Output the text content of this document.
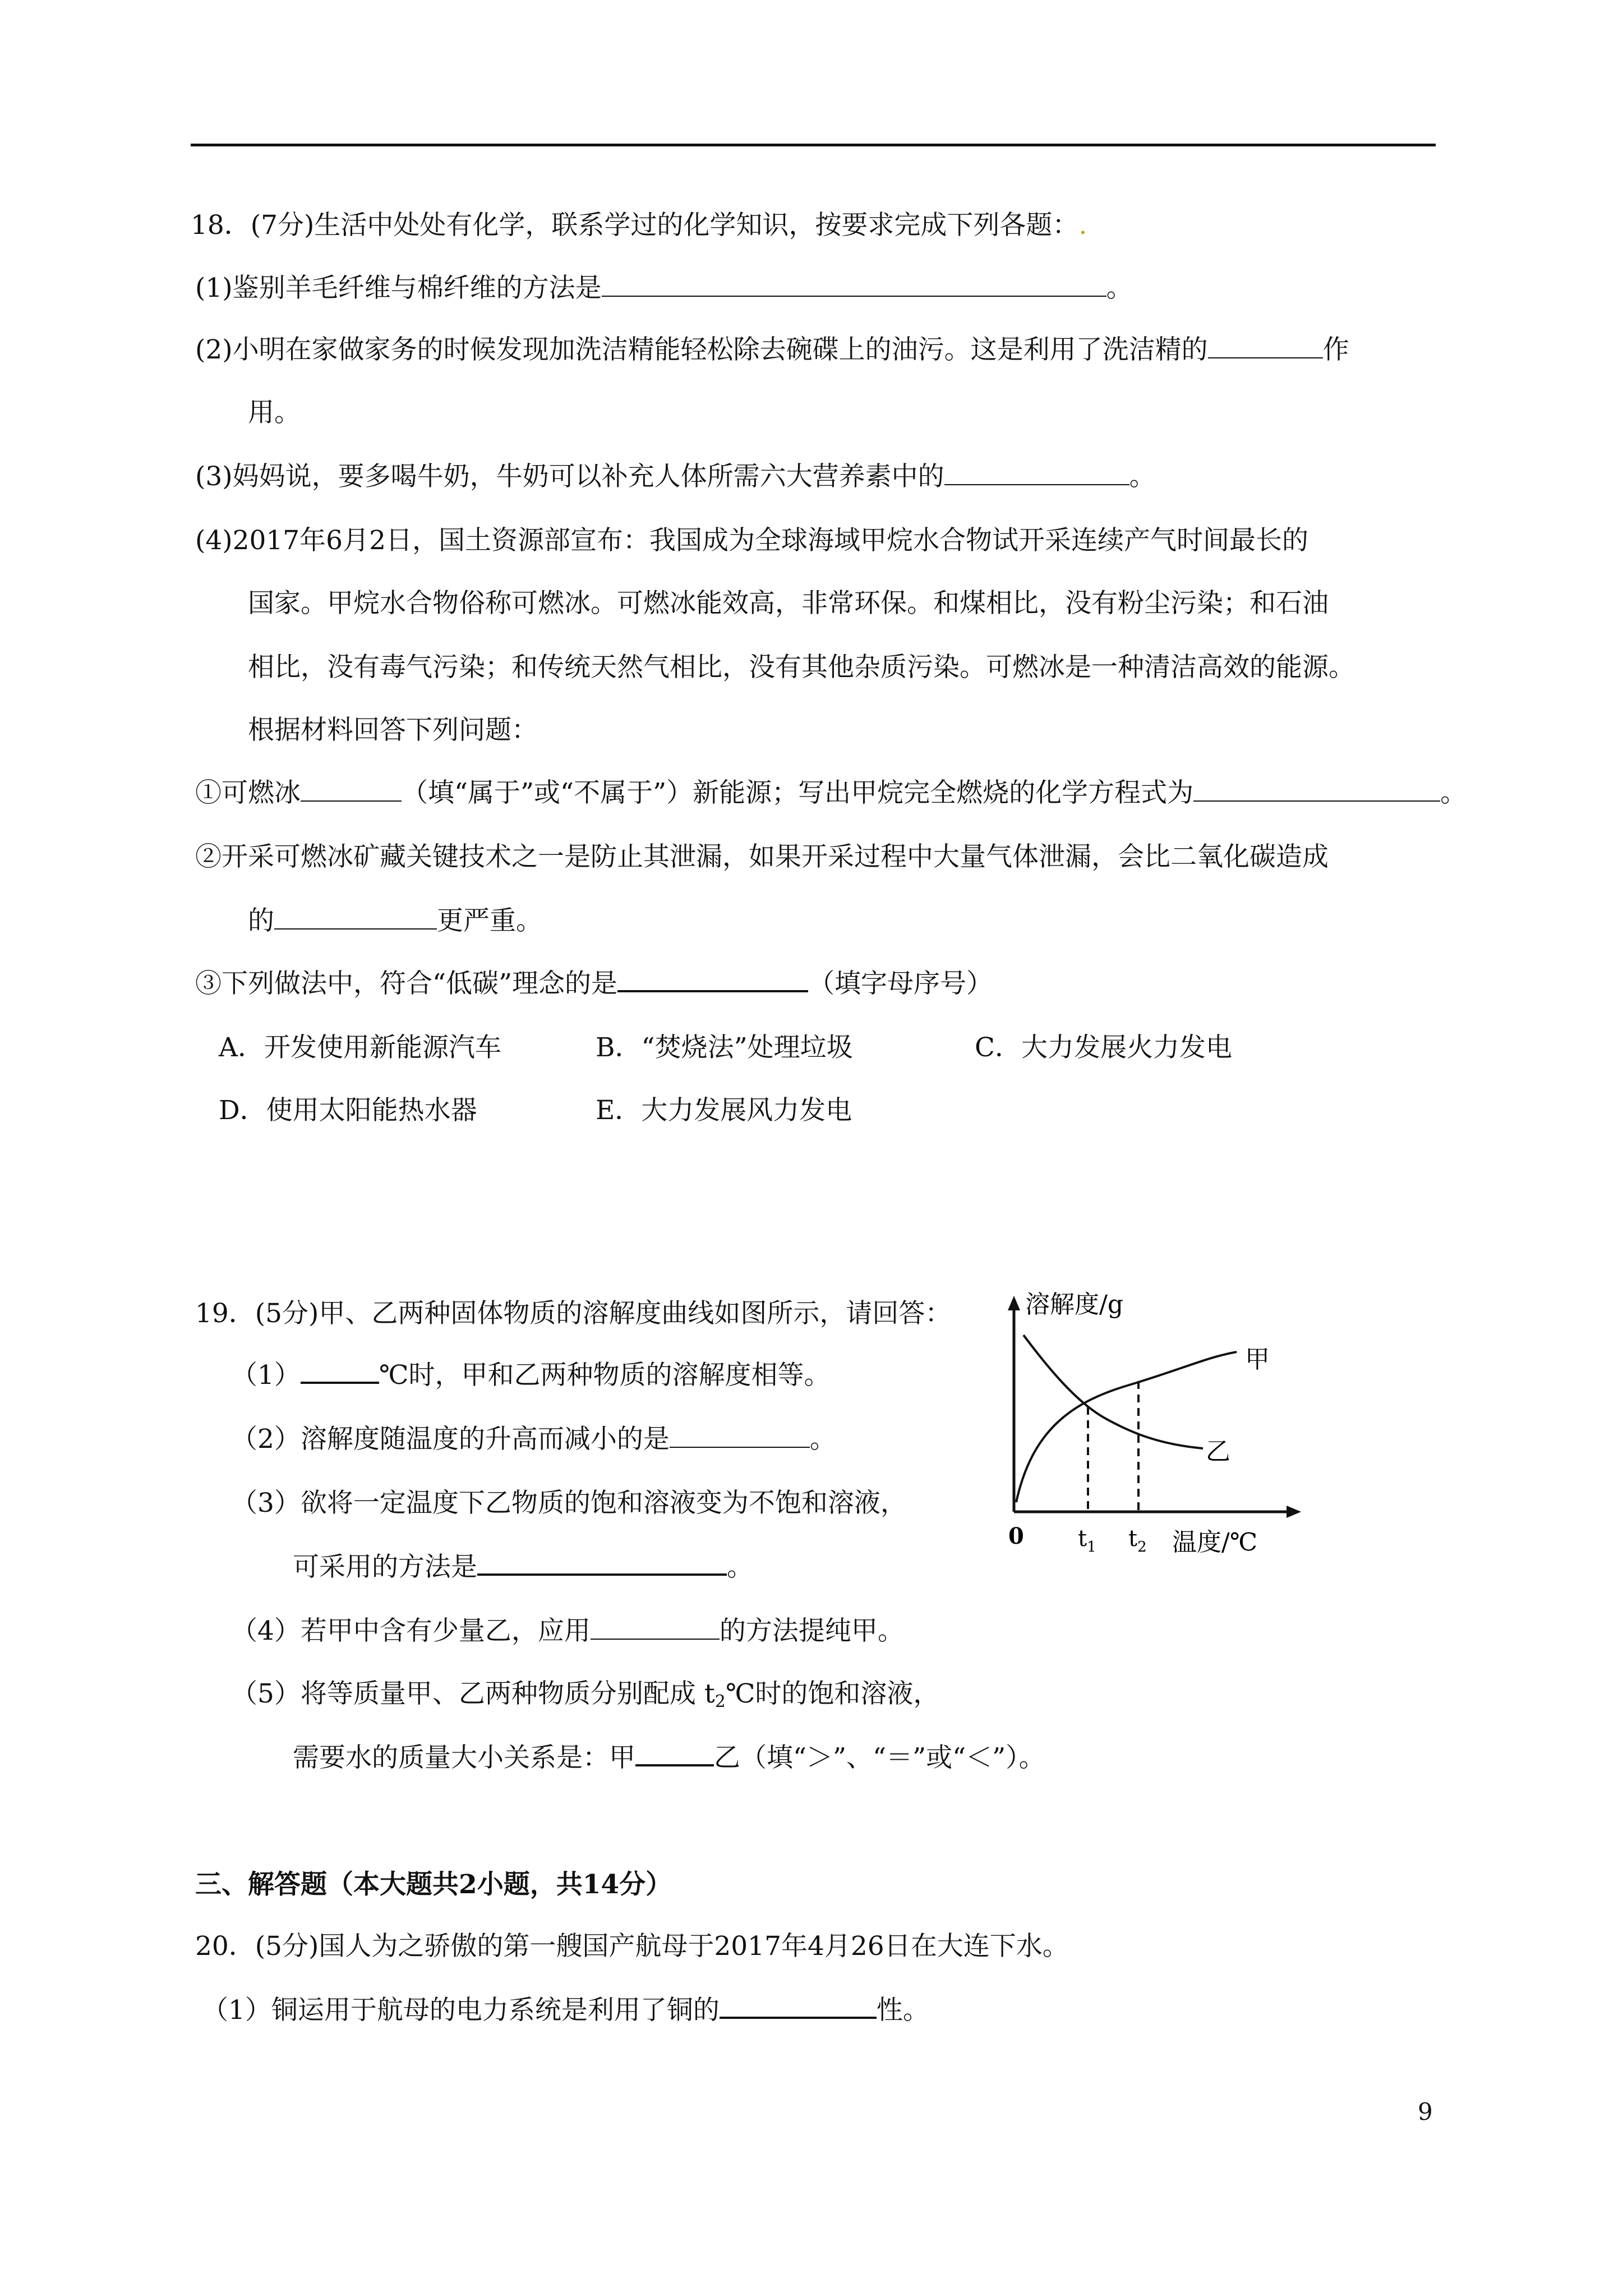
18．(7分)生活中处处有化学，联系学过的化学知识，按要求完成下列各题：.
(1)鉴别羊毛纤维与棉纤维的方法是	。
(2)小明在家做家务的时候发现加洗洁精能轻松除去碗碟上的油污。这是利用了洗洁精的	作
用。
(3)妈妈说，要多喝牛奶，牛奶可以补充人体所需六大营养素中的	。
(4)2017年6月2日，国土资源部宣布：我国成为全球海域甲烷水合物试开采连续产气时间最长的
国家。甲烷水合物俗称可燃冰。可燃冰能效高，非常环保。和煤相比，没有粉尘污染；和石油
相比，没有毒气污染；和传统天然气相比，没有其他杂质污染。可燃冰是一种清洁高效的能源。
根据材料回答下列问题：
①可燃冰	（填“属于”或“不属于”）新能源；写出甲烷完全燃烧的化学方程式为	。
②开采可燃冰矿藏关键技术之一是防止其泄漏，如果开采过程中大量气体泄漏，会比二氧化碳造成
的	更严重。
③下列做法中，符合“低碳”理念的是	（填字母序号）
A．开发使用新能源汽车	B．“焚烧法”处理垃圾	C．大力发展火力发电
D．使用太阳能热水器	E．大力发展风力发电
19．(5分)甲、乙两种固体物质的溶解度曲线如图所示，请回答：
（1）	℃时，甲和乙两种物质的溶解度相等。
（2）溶解度随温度的升高而减小的是	。
（3）欲将一定温度下乙物质的饱和溶液变为不饱和溶液，
可采用的方法是	。
（4）若甲中含有少量乙，应用	的方法提纯甲。
（5）将等质量甲、乙两种物质分别配成 $t_2℃$时的饱和溶液，
需要水的质量大小关系是：甲	乙（填“＞”、“＝”或“＜”）。
溶解度/g
甲
乙
0 $t_1$ $t_2$ 温度/℃
三、解答题（本大题共2小题，共14分）
20．(5分)国人为之骄傲的第一艘国产航母于2017年4月26日在大连下水。
（1）铜运用于航母的电力系统是利用了铜的	性。
9
